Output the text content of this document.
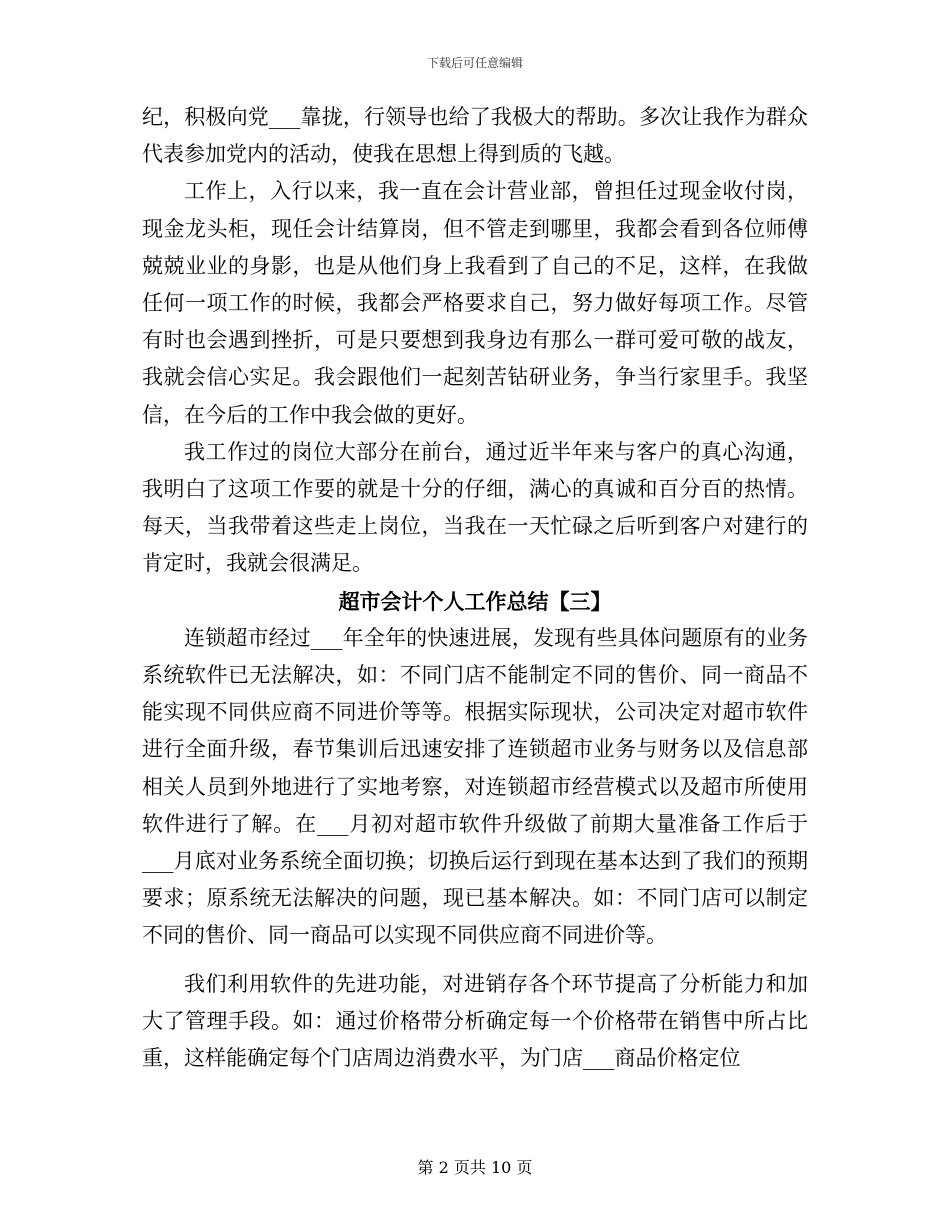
下载后可任意编辑

纪，积极向党___靠拢，行领导也给了我极大的帮助。多次让我作为群众代表参加党内的活动，使我在思想上得到质的飞越。

工作上，入行以来，我一直在会计营业部，曾担任过现金收付岗，现金龙头柜，现任会计结算岗，但不管走到哪里，我都会看到各位师傅兢兢业业的身影，也是从他们身上我看到了自己的不足，这样，在我做任何一项工作的时候，我都会严格要求自己，努力做好每项工作。尽管有时也会遇到挫折，可是只要想到我身边有那么一群可爱可敬的战友，我就会信心实足。我会跟他们一起刻苦钻研业务，争当行家里手。我坚信，在今后的工作中我会做的更好。

我工作过的岗位大部分在前台，通过近半年来与客户的真心沟通，我明白了这项工作要的就是十分的仔细，满心的真诚和百分百的热情。每天，当我带着这些走上岗位，当我在一天忙碌之后听到客户对建行的肯定时，我就会很满足。

超市会计个人工作总结【三】

连锁超市经过___年全年的快速进展，发现有些具体问题原有的业务系统软件已无法解决，如：不同门店不能制定不同的售价、同一商品不能实现不同供应商不同进价等等。根据实际现状，公司决定对超市软件进行全面升级，春节集训后迅速安排了连锁超市业务与财务以及信息部相关人员到外地进行了实地考察，对连锁超市经营模式以及超市所使用软件进行了解。在___月初对超市软件升级做了前期大量准备工作后于___月底对业务系统全面切换；切换后运行到现在基本达到了我们的预期要求；原系统无法解决的问题，现已基本解决。如：不同门店可以制定不同的售价、同一商品可以实现不同供应商不同进价等。

我们利用软件的先进功能，对进销存各个环节提高了分析能力和加大了管理手段。如：通过价格带分析确定每一个价格带在销售中所占比重，这样能确定每个门店周边消费水平，为门店___商品价格定位

第 2 页共 10 页
